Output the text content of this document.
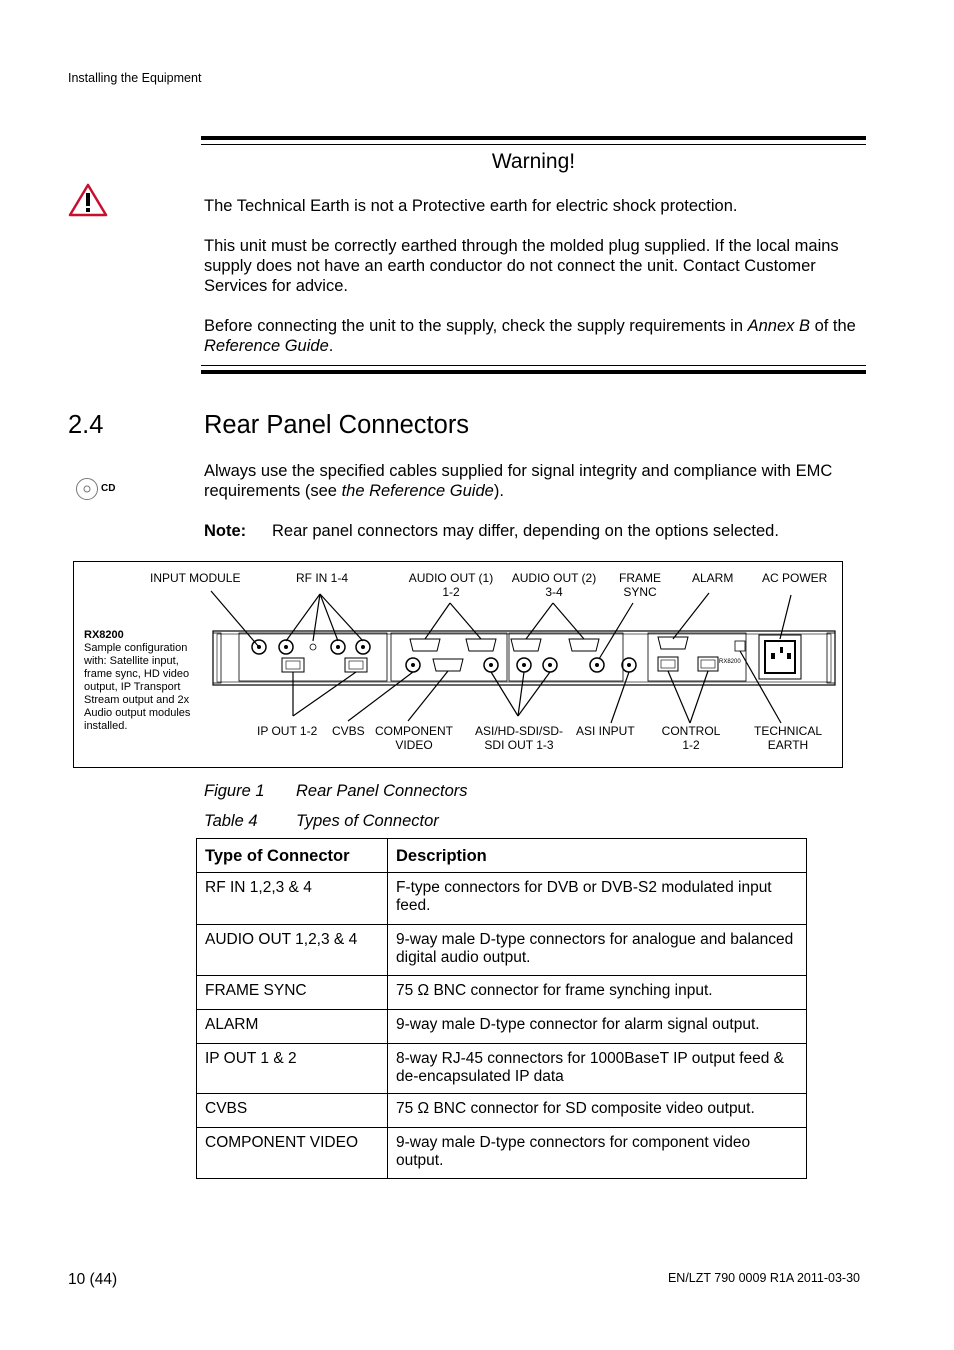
Installing the Equipment
Warning!
The Technical Earth is not a Protective earth for electric shock protection.
This unit must be correctly earthed through the molded plug supplied. If the local mains supply does not have an earth conductor do not connect the unit. Contact Customer Services for advice.
Before connecting the unit to the supply, check the supply requirements in Annex B of the Reference Guide.
2.4	Rear Panel Connectors
CD
Always use the specified cables supplied for signal integrity and compliance with EMC requirements (see the Reference Guide).
Note: Rear panel connectors may differ, depending on the options selected.
RX8200
INPUT MODULE	RF IN 1-4	AUDIO OUT (1)
1-2
AUDIO OUT (2)
3-4
FRAME
SYNC
ALARM AC POWER
IP OUT 1-2 CVBS COMPONENT
VIDEO
ASI/HD-SDI/SD-
SDI OUT 1-3
ASI INPUT	CONTROL
1-2
TECHNICAL
EARTH
RX8200
Sample configuration with: Satellite input, frame sync, HD video output, IP Transport Stream output and 2x Audio output modules installed.
Figure 1 Rear Panel Connectors
Table 4 Types of Connector
Type of Connector	Description
RF IN 1,2,3 & 4	F-type connectors for DVB or DVB-S2 modulated input feed.
AUDIO OUT 1,2,3 & 4	9-way male D-type connectors for analogue and balanced digital audio output.
FRAME SYNC	75 Ω BNC connector for frame synching input.
ALARM	9-way male D-type connector for alarm signal output.
IP OUT 1 & 2	8-way RJ-45 connectors for 1000BaseT IP output feed & de-encapsulated IP data
CVBS	75 Ω BNC connector for SD composite video output.
COMPONENT VIDEO	9-way male D-type connectors for component video output.
10 (44)	EN/LZT 790 0009 R1A 2011-03-30
